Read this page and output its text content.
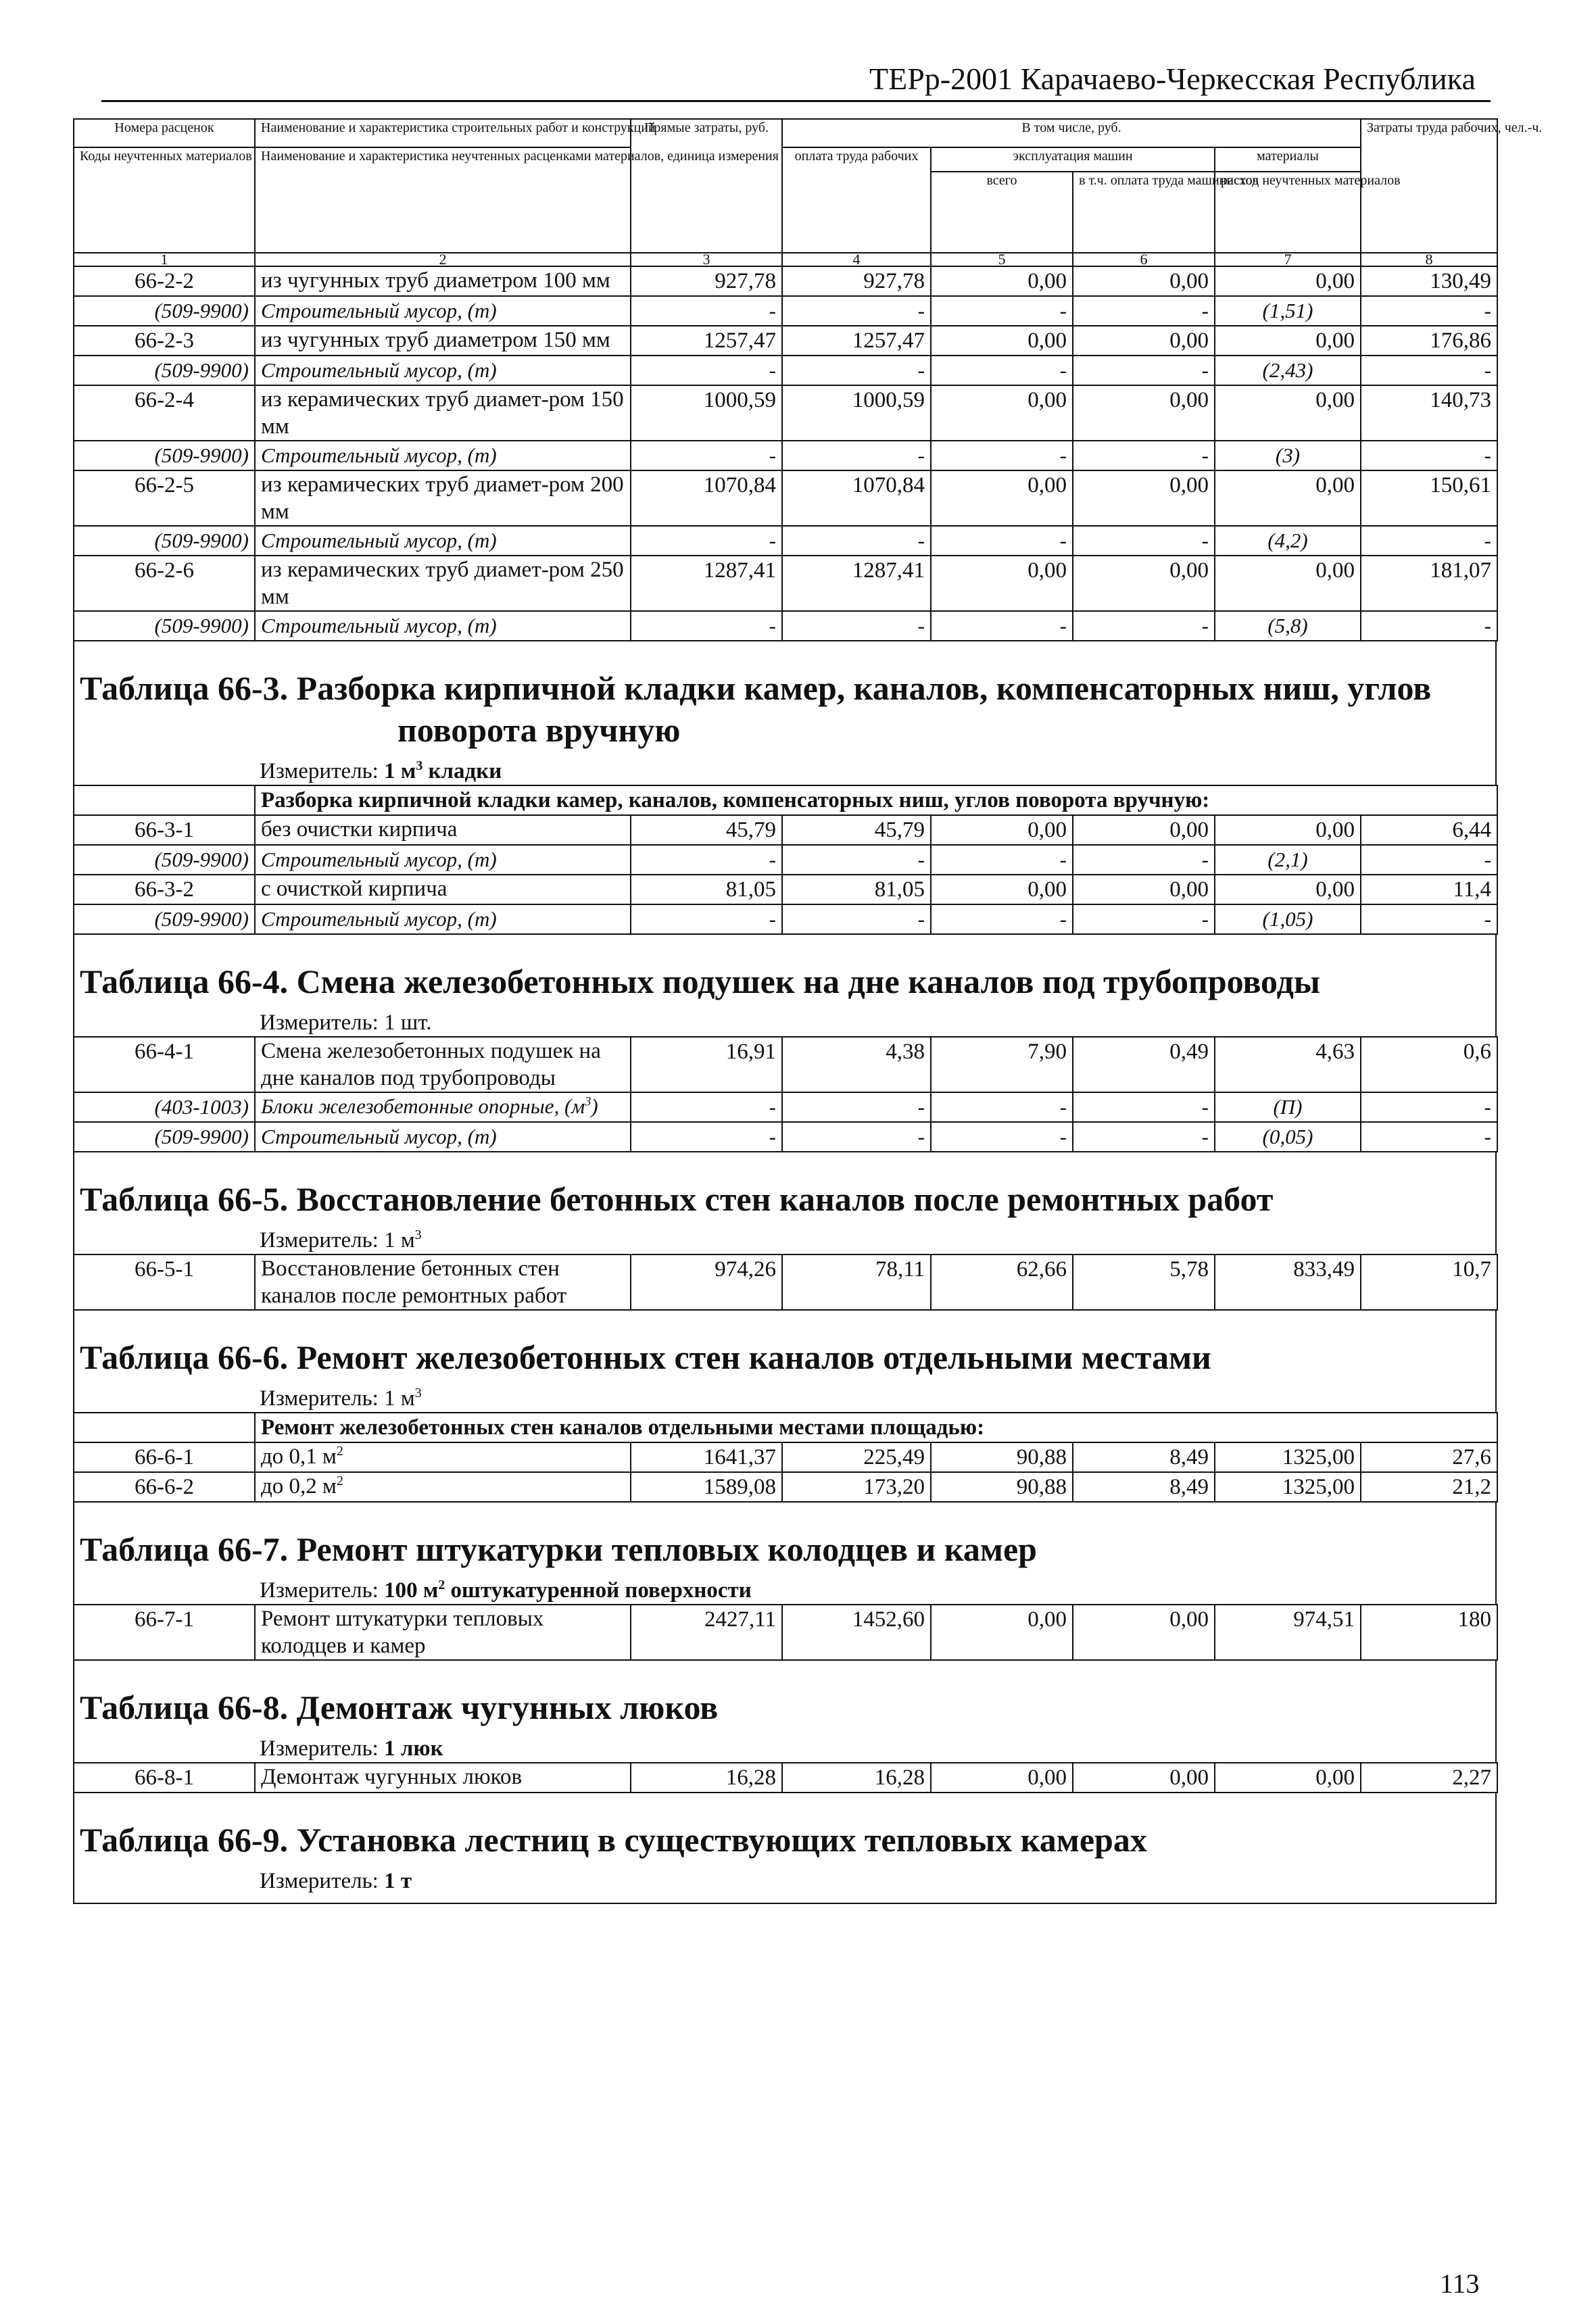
ТЕРр-2001 Карачаево-Черкесская Республика
Номера расценок	Наименование и характеристика строительных работ и конструкций	Прямые затраты, руб.	В том числе, руб.				Затраты труда рабочих, чел.-ч.
Коды неучтенных материалов	Наименование и характеристика неучтенных расценками материалов, единица измерения		оплата труда рабочих	эксплуатация машин		материалы	
				всего	в т.ч. оплата труда машинистов	расход неучтенных материалов	
1	2	3	4	5	6	7	8
66-2-2	из чугунных труб диаметром 100 мм	927,78	927,78	0,00	0,00	0,00	130,49
(509-9900)	Строительный мусор, (т)	-	-	-	-	(1,51)	-
66-2-3	из чугунных труб диаметром 150 мм	1257,47	1257,47	0,00	0,00	0,00	176,86
(509-9900)	Строительный мусор, (т)	-	-	-	-	(2,43)	-
66-2-4	из керамических труб диамет-ром 150 мм	1000,59	1000,59	0,00	0,00	0,00	140,73
(509-9900)	Строительный мусор, (т)	-	-	-	-	(3)	-
66-2-5	из керамических труб диамет-ром 200 мм	1070,84	1070,84	0,00	0,00	0,00	150,61
(509-9900)	Строительный мусор, (т)	-	-	-	-	(4,2)	-
66-2-6	из керамических труб диамет-ром 250 мм	1287,41	1287,41	0,00	0,00	0,00	181,07
(509-9900)	Строительный мусор, (т)	-	-	-	-	(5,8)	-
Таблица 66-3. Разборка кирпичной кладки камер, каналов, компенсаторных ниш, углов
поворота вручную
Измеритель: 1 $м^3$ кладки
	Разборка кирпичной кладки камер, каналов, компенсаторных ниш, углов поворота вручную:						
66-3-1	без очистки кирпича	45,79	45,79	0,00	0,00	0,00	6,44
(509-9900)	Строительный мусор, (т)	-	-	-	-	(2,1)	-
66-3-2	с очисткой кирпича	81,05	81,05	0,00	0,00	0,00	11,4
(509-9900)	Строительный мусор, (т)	-	-	-	-	(1,05)	-
Таблица 66-4. Смена железобетонных подушек на дне каналов под трубопроводы
Измеритель: 1 шт.
66-4-1	Смена железобетонных подушек на дне каналов под трубопроводы	16,91	4,38	7,90	0,49	4,63	0,6
(403-1003)	Блоки железобетонные опорные, $(м^3)$	-	-	-	-	(П)	-
(509-9900)	Строительный мусор, (т)	-	-	-	-	(0,05)	-
Таблица 66-5. Восстановление бетонных стен каналов после ремонтных работ
Измеритель: 1 $м^3$
66-5-1	Восстановление бетонных стен каналов после ремонтных работ	974,26	78,11	62,66	5,78	833,49	10,7
Таблица 66-6. Ремонт железобетонных стен каналов отдельными местами
Измеритель: 1 $м^3$
	Ремонт железобетонных стен каналов отдельными местами площадью:						
66-6-1	до 0,1 $м^2$	1641,37	225,49	90,88	8,49	1325,00	27,6
66-6-2	до 0,2 $м^2$	1589,08	173,20	90,88	8,49	1325,00	21,2
Таблица 66-7. Ремонт штукатурки тепловых колодцев и камер
Измеритель: 100 $м^2$ оштукатуренной поверхности
66-7-1	Ремонт штукатурки тепловых колодцев и камер	2427,11	1452,60	0,00	0,00	974,51	180
Таблица 66-8. Демонтаж чугунных люков
Измеритель: 1 люк
66-8-1	Демонтаж чугунных люков	16,28	16,28	0,00	0,00	0,00	2,27
Таблица 66-9. Установка лестниц в существующих тепловых камерах
Измеритель: 1 т
113
